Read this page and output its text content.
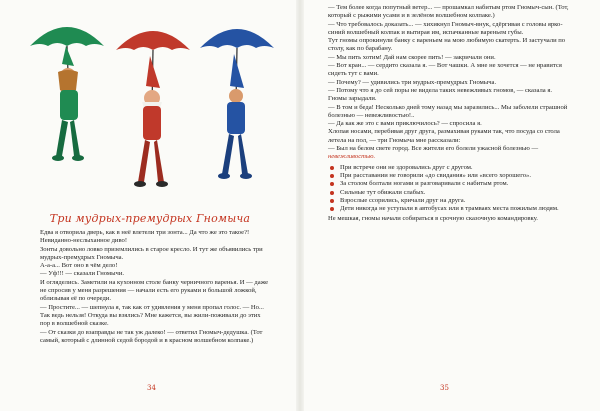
Три мудрых-премудрых Гномыча

Едва я отворила дверь, как в неё влетели три зонта... Да что же это такое?! Невиданно-неслыханное диво!

Зонты довольно ловко приземлились в старое кресло. И тут же объявились три мудрых-премудрых Гномыча.

А-а-а... Вот оно в чём дело!

— Уф!!! — сказали Гномычи.

И огляделись. Заметили на кухонном столе банку черничного варенья. И — даже не спросив у меня разрешения — начали есть его руками и большой ложкой, облизывая её по очереди.

— Простите... — шепнула я, так как от удивления у меня пропал голос. — Но... Так ведь нельзя! Откуда вы взялись? Мне кажется, вы жили-поживали до этих пор в волшебной сказке.

— От сказки до взаправды не так уж далеко! — ответил Гномыч-дедушка. (Тот самый, который с длинной седой бородой и в красном волшебном колпаке.)

34

— Тем более когда попутный ветер... — прошамкал набитым ртом Гномыч-сын. (Тот, который с рыжими усами и в зелёном волшебном колпаке.)

— Что требовалось доказать... — хихикнул Гномыч-внук, сдёргивая с головы ярко-синий волшебный колпак и вытирая им, испачканные вареньем губы.

Тут гномы опрокинули банку с вареньем на мою любимую скатерть. И застучали по столу, как по барабану.

— Мы пить хотим! Дай нам скорее пить! — закричали они.

— Вот кран... — сердито сказала я. — Вот чашки. А мне не хочется — не нравится сидеть тут с вами.

— Почему? — удивились три мудрых-премудрых Гномыча.

— Потому что я до сей поры не видела таких невежливых гномов, — сказала я.

Гномы зарыдали.

— В том и беда! Несколько дней тому назад мы заразились... Мы заболели страшной болезнью — невежливостью!..

— Да как же это с вами приключилось? — спросила я.

Хлопая носами, перебивая друг друга, размахивая руками так, что посуда со стола летела на пол, — три Гномыча мне рассказали:

— Был на белом свете город. Все жители его болели ужасной болезнью — невежливостью.

При встрече они не здоровались друг с другом.
При расставании не говорили «до свидания» или «всего хорошего».
За столом болтали ногами и разговаривали с набитым ртом.
Сильные тут обижали слабых.
Взрослые ссорились, кричали друг на друга.
Дети никогда не уступали в автобусах или в трамваях места пожилым людям.

Не мешкая, гномы начали собираться в срочную сказочную командировку.

35
